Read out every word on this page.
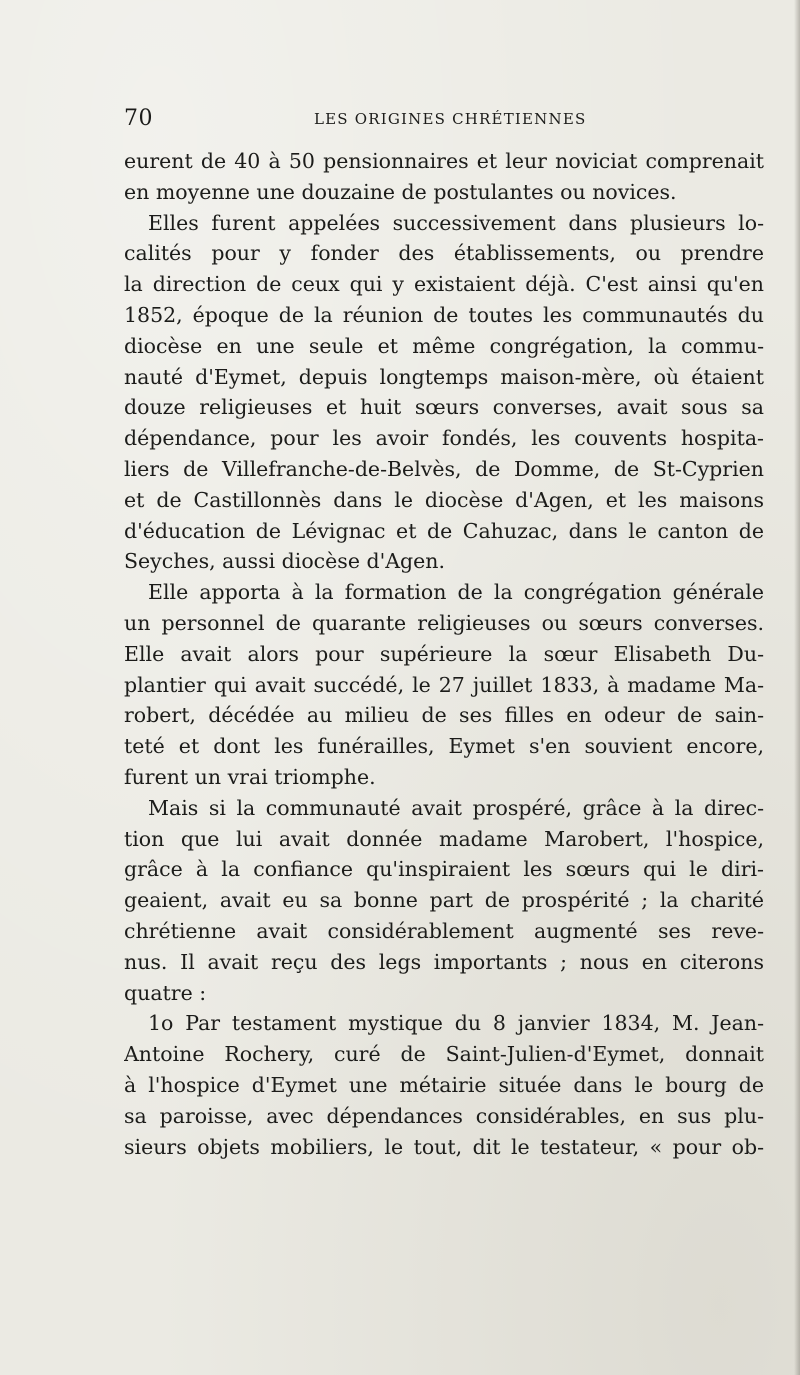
70	LES ORIGINES CHRÉTIENNES
eurent de 40 à 50 pensionnaires et leur noviciat comprenait
en moyenne une douzaine de postulantes ou novices.
Elles furent appelées successivement dans plusieurs lo-
calités pour y fonder des établissements, ou prendre
la direction de ceux qui y existaient déjà. C'est ainsi qu'en
1852, époque de la réunion de toutes les communautés du
diocèse en une seule et même congrégation, la commu-
nauté d'Eymet, depuis longtemps maison-mère, où étaient
douze religieuses et huit sœurs converses, avait sous sa
dépendance, pour les avoir fondés, les couvents hospita-
liers de Villefranche-de-Belvès, de Domme, de St-Cyprien
et de Castillonnès dans le diocèse d'Agen, et les maisons
d'éducation de Lévignac et de Cahuzac, dans le canton de
Seyches, aussi diocèse d'Agen.
Elle apporta à la formation de la congrégation générale
un personnel de quarante religieuses ou sœurs converses.
Elle avait alors pour supérieure la sœur Elisabeth Du-
plantier qui avait succédé, le 27 juillet 1833, à madame Ma-
robert, décédée au milieu de ses filles en odeur de sain-
teté et dont les funérailles, Eymet s'en souvient encore,
furent un vrai triomphe.
Mais si la communauté avait prospéré, grâce à la direc-
tion que lui avait donnée madame Marobert, l'hospice,
grâce à la confiance qu'inspiraient les sœurs qui le diri-
geaient, avait eu sa bonne part de prospérité ; la charité
chrétienne avait considérablement augmenté ses reve-
nus. Il avait reçu des legs importants ; nous en citerons
quatre :
1o Par testament mystique du 8 janvier 1834, M. Jean-
Antoine Rochery, curé de Saint-Julien-d'Eymet, donnait
à l'hospice d'Eymet une métairie située dans le bourg de
sa paroisse, avec dépendances considérables, en sus plu-
sieurs objets mobiliers, le tout, dit le testateur, « pour ob-
